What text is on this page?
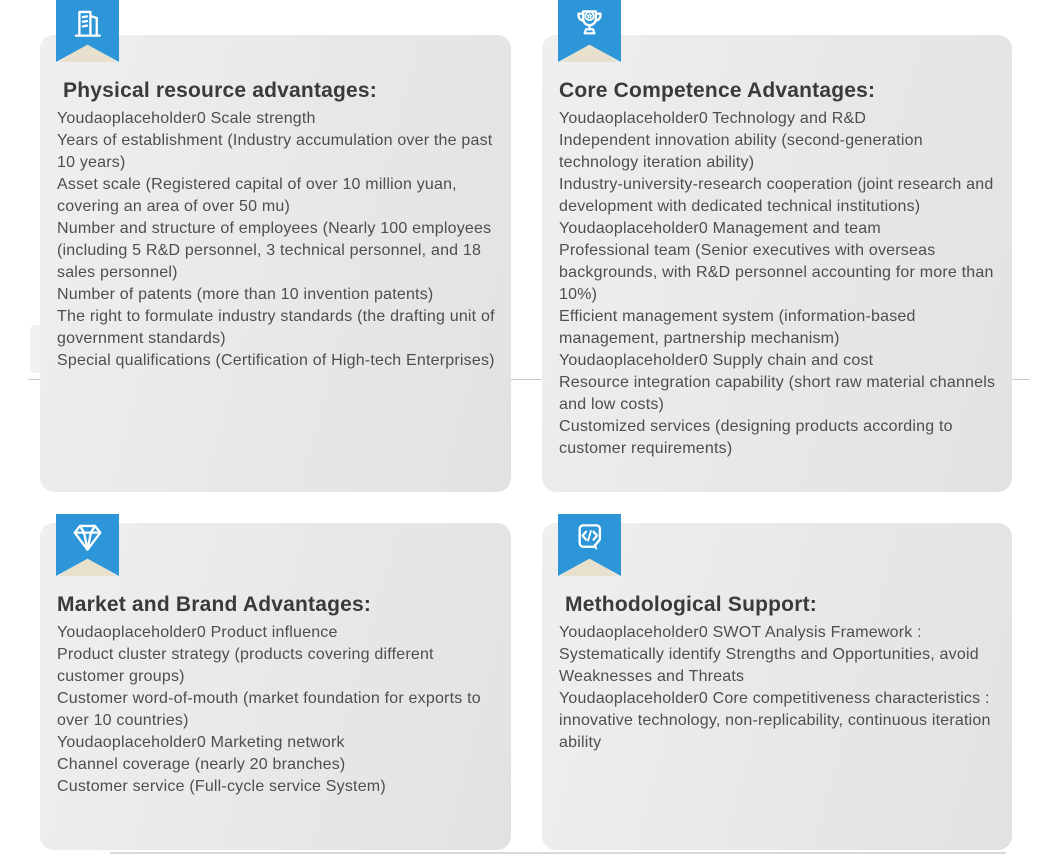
Physical resource advantages:

Youdaoplaceholder0 Scale strength

Years of establishment (Industry accumulation over the past 10 years)

Asset scale (Registered capital of over 10 million yuan, covering an area of over 50 mu)

Number and structure of employees (Nearly 100 employees (including 5 R&D personnel, 3 technical personnel, and 18 sales personnel)

Number of patents (more than 10 invention patents)

The right to formulate industry standards (the drafting unit of government standards)

Special qualifications (Certification of High-tech Enterprises)

Core Competence Advantages:

Youdaoplaceholder0 Technology and R&D

Independent innovation ability (second-generation technology iteration ability)

Industry-university-research cooperation (joint research and development with dedicated technical institutions)

Youdaoplaceholder0 Management and team

Professional team (Senior executives with overseas backgrounds, with R&D personnel accounting for more than 10%)

Efficient management system (information-based management, partnership mechanism)

Youdaoplaceholder0 Supply chain and cost

Resource integration capability (short raw material channels and low costs)

Customized services (designing products according to customer requirements)

Market and Brand Advantages:

Youdaoplaceholder0 Product influence

Product cluster strategy (products covering different customer groups)

Customer word-of-mouth (market foundation for exports to over 10 countries)

Youdaoplaceholder0 Marketing network

Channel coverage (nearly 20 branches)

Customer service (Full-cycle service System)

Methodological Support:

Youdaoplaceholder0 SWOT Analysis Framework : Systematically identify Strengths and Opportunities, avoid Weaknesses and Threats

Youdaoplaceholder0 Core competitiveness characteristics : innovative technology, non-replicability, continuous iteration ability
